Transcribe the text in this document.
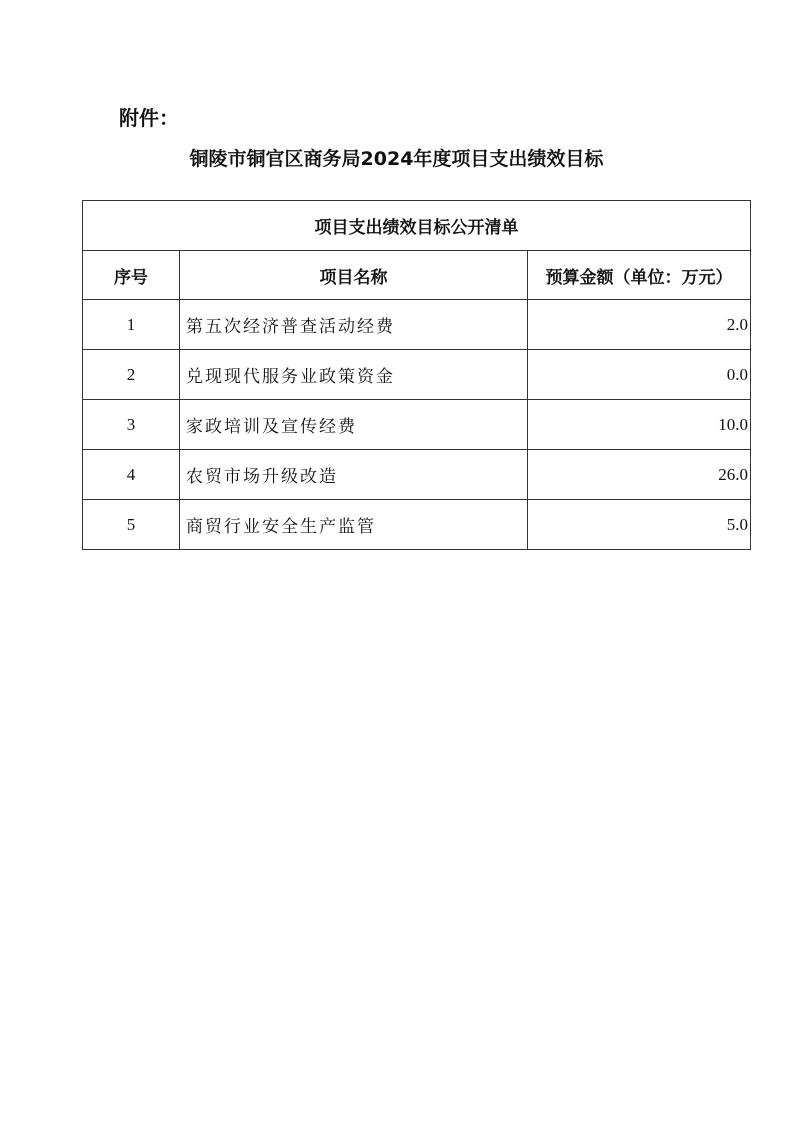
附件：
铜陵市铜官区商务局2024年度项目支出绩效目标
项目支出绩效目标公开清单		
序号	项目名称	预算金额（单位：万元）
1	第五次经济普查活动经费	2.0
2	兑现现代服务业政策资金	0.0
3	家政培训及宣传经费	10.0
4	农贸市场升级改造	26.0
5	商贸行业安全生产监管	5.0
